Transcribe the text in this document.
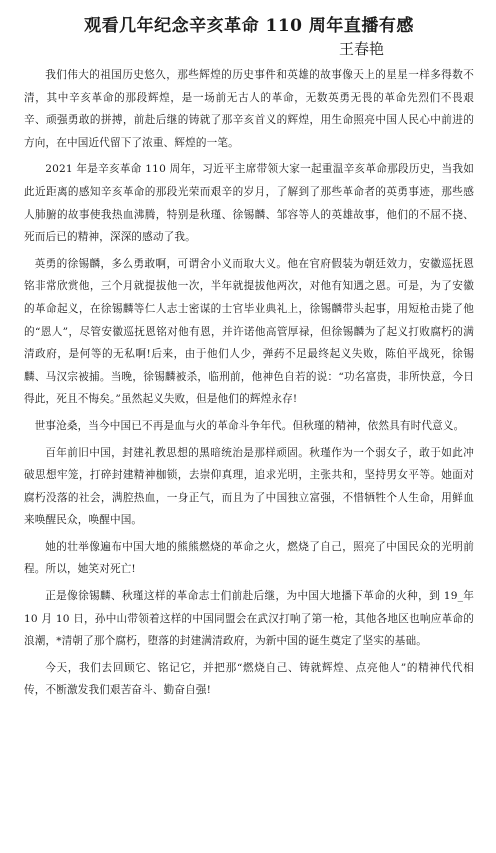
观看几年纪念辛亥革命 110 周年直播有感
王春艳

我们伟大的祖国历史悠久，那些辉煌的历史事件和英雄的故事像天上的星星一样多得数不清，其中辛亥革命的那段辉煌，是一场前无古人的革命，无数英勇无畏的革命先烈们不畏艰辛、顽强勇敢的拼搏，前赴后继的铸就了那辛亥首义的辉煌，用生命照亮中国人民心中前进的方向，在中国近代留下了浓重、辉煌的一笔。

2021 年是辛亥革命 110 周年，习近平主席带领大家一起重温辛亥革命那段历史，当我如此近距离的感知辛亥革命的那段光荣而艰辛的岁月，了解到了那些革命者的英勇事迹，那些感人肺腑的故事使我热血沸腾，特别是秋瑾、徐锡麟、邹容等人的英雄故事，他们的不屈不挠、死而后已的精神，深深的感动了我。

英勇的徐锡麟，多么勇敢啊，可谓舍小义而取大义。他在官府假装为朝廷效力，安徽巡抚恩铭非常欣赏他，三个月就提拔他一次，半年就提拔他两次，对他有知遇之恩。可是，为了安徽的革命起义，在徐锡麟等仁人志士密谋的士官毕业典礼上，徐锡麟带头起事，用短枪击毙了他的“恩人”，尽管安徽巡抚恩铭对他有恩，并许诺他高管厚禄，但徐锡麟为了起义打败腐朽的满清政府，是何等的无私啊!后来，由于他们人少，弹药不足最终起义失败，陈伯平战死，徐锡麟、马汉宗被捕。当晚，徐锡麟被杀，临刑前，他神色自若的说：“功名富贵，非所快意，今日得此，死且不悔矣。”虽然起义失败，但是他们的辉煌永存!

世事沧桑，当今中国已不再是血与火的革命斗争年代。但秋瑾的精神，依然具有时代意义。

百年前旧中国，封建礼教思想的黑暗统治是那样顽固。秋瑾作为一个弱女子，敢于如此冲破思想牢笼，打碎封建精神枷锁，去崇仰真理，追求光明，主张共和，坚持男女平等。她面对腐朽没落的社会，满腔热血，一身正气，而且为了中国独立富强，不惜牺牲个人生命，用鲜血来唤醒民众，唤醒中国。

她的壮举像遍布中国大地的熊熊燃烧的革命之火，燃烧了自己，照亮了中国民众的光明前程。所以，她笑对死亡!

正是像徐锡麟、秋瑾这样的革命志士们前赴后继，为中国大地播下革命的火种，到 19_年 10 月 10 日，孙中山带领着这样的中国同盟会在武汉打响了第一枪，其他各地区也响应革命的浪潮，*清朝了那个腐朽，堕落的封建满清政府，为新中国的诞生奠定了坚实的基础。

今天，我们去回顾它、铭记它，并把那“燃烧自己、铸就辉煌、点亮他人”的精神代代相传，不断激发我们艰苦奋斗、勤奋自强!
